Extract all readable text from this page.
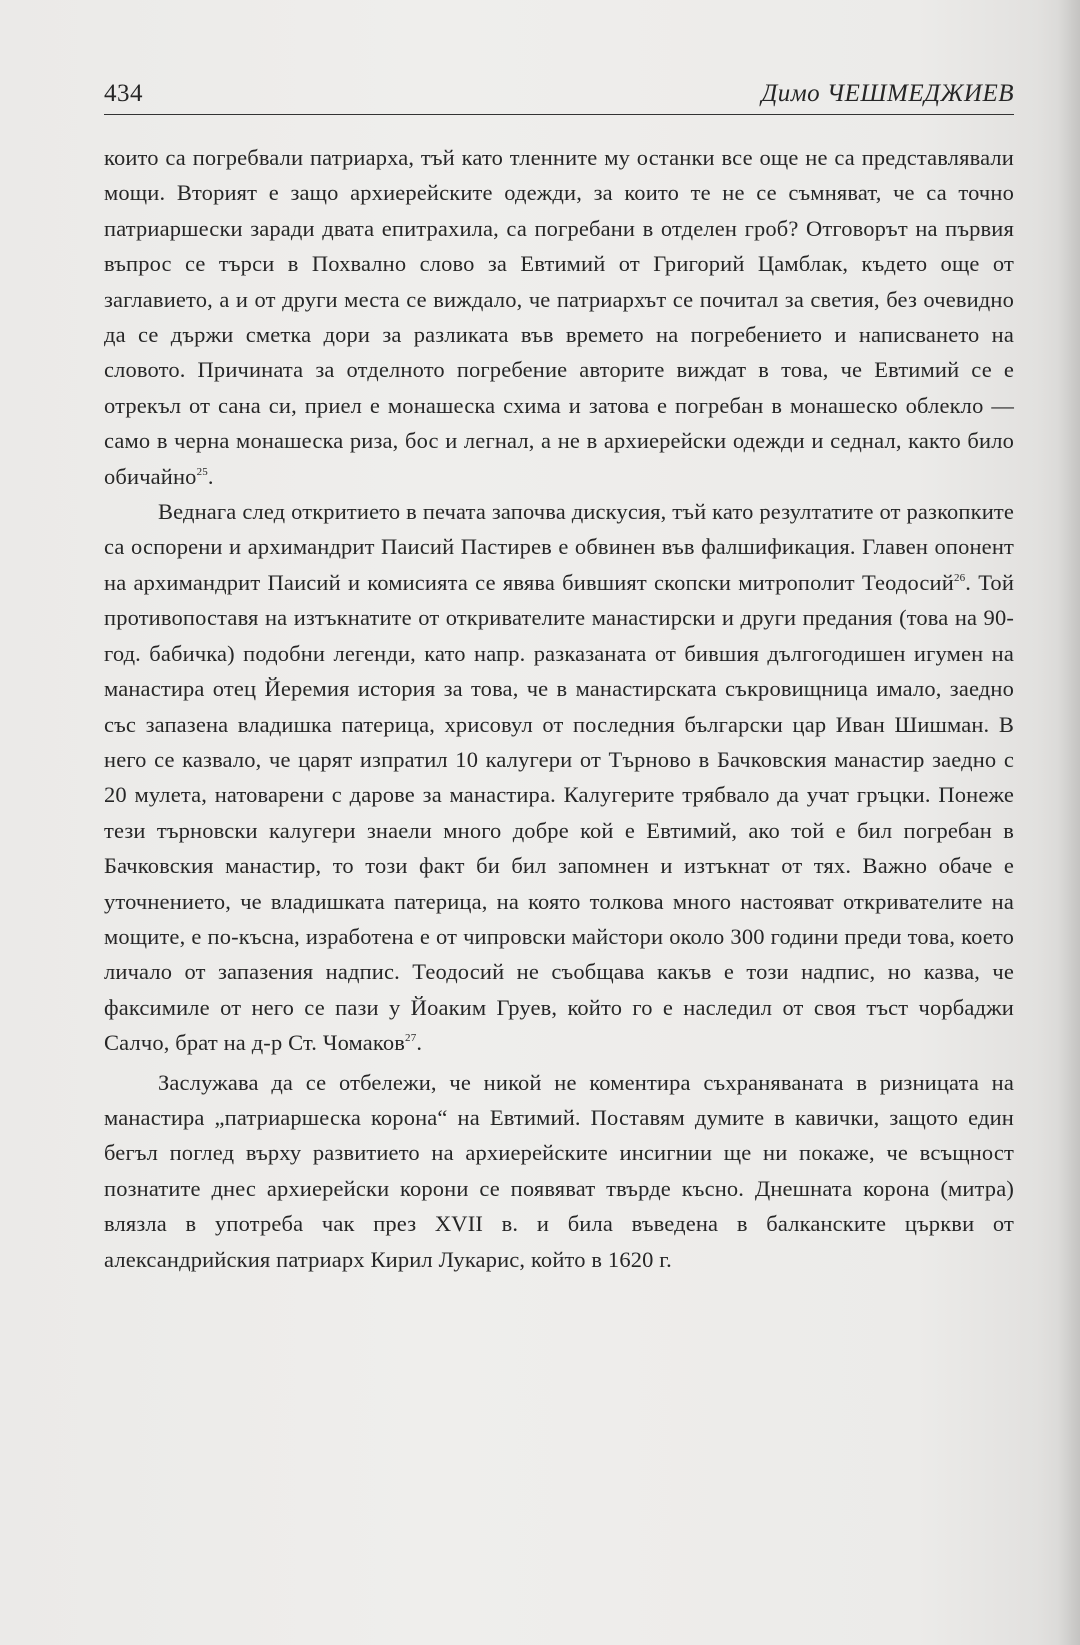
434	Димо ЧЕШМЕДЖИЕВ

които са погребвали патриарха, тъй като тленните му останки все още не са представлявали мощи. Вторият е защо архиерейските одежди, за които те не се съмняват, че са точно патриаршески заради двата епитрахила, са погребани в отделен гроб? Отговорът на първия въпрос се търси в Похвално слово за Евтимий от Григорий Цамблак, където още от заглавието, а и от други места се виждало, че патриархът се почитал за светия, без очевидно да се държи сметка дори за разликата във времето на погребението и написването на словото. Причината за отделното погребение авторите виждат в това, че Евтимий се е отрекъл от сана си, приел е монашеска схима и затова е погребан в монашеско облекло — само в черна монашеска риза, бос и легнал, а не в архиерейски одежди и седнал, както било обичайно$^{25}$.

Веднага след откритието в печата започва дискусия, тъй като резултатите от разкопките са оспорени и архимандрит Паисий Пастирев е обвинен във фалшификация. Главен опонент на архимандрит Паисий и комисията се явява бившият скопски митрополит Теодосий$^{26}$. Той противопоставя на изтъкнатите от откривателите манастирски и други предания (това на 90-год. бабичка) подобни легенди, като напр. разказаната от бившия дългогодишен игумен на манастира отец Йеремия история за това, че в манастирската съкровищница имало, заедно със запазена владишка патерица, хрисовул от последния български цар Иван Шишман. В него се казвало, че царят изпратил 10 калугери от Търново в Бачковския манастир заедно с 20 мулета, натоварени с дарове за манастира. Калугерите трябвало да учат гръцки. Понеже тези търновски калугери знаели много добре кой е Евтимий, ако той е бил погребан в Бачковския манастир, то този факт би бил запомнен и изтъкнат от тях. Важно обаче е уточнението, че владишката патерица, на която толкова много настояват откривателите на мощите, е по-късна, изработена е от чипровски майстори около 300 години преди това, което личало от запазения надпис. Теодосий не съобщава какъв е този надпис, но казва, че факсимиле от него се пази у Йоаким Груев, който го е наследил от своя тъст чорбаджи Салчо, брат на д-р Ст. Чомаков$^{27}$.

Заслужава да се отбележи, че никой не коментира съхраняваната в ризницата на манастира „патриаршеска корона“ на Евтимий. Поставям думите в кавички, защото един бегъл поглед върху развитието на архиерейските инсигнии ще ни покаже, че всъщност познатите днес архиерейски корони се появяват твърде късно. Днешната корона (митра) влязла в употреба чак през XVII в. и била въведена в балканските църкви от александрийския патриарх Кирил Лукарис, който в 1620 г.
